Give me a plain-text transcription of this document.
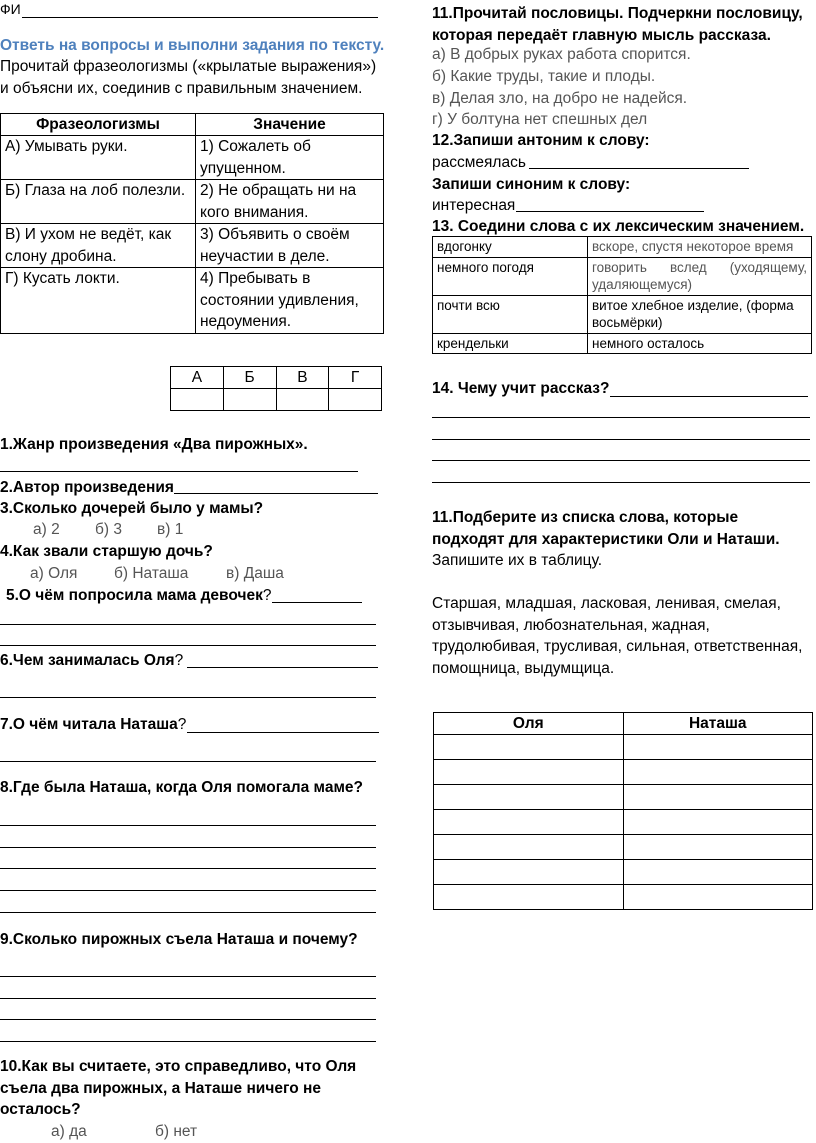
ФИ
Ответь на вопросы и выполни задания по тексту.
Прочитай фразеологизмы («крылатые выражения») и объясни их, соединив с правильным значением.
Фразеологизмы	Значение
А) Умывать руки.	1) Сожалеть об упущенном.
Б) Глаза на лоб полезли.	2) Не обращать ни на кого внимания.
В) И ухом не ведёт, как слону дробина.	3) Объявить о своём неучастии в деле.
Г) Кусать локти.	4) Пребывать в состоянии удивления, недоумения.
А	Б	В	Г

1.Жанр произведения «Два пирожных».
2.Автор произведения
3.Сколько дочерей было у мамы?
а) 2 б) 3 в) 1
4.Как звали старшую дочь?
а) Оля б) Наташа в) Даша
5.О чём попросила мама девочек?
6.Чем занималась Оля?
7.О чём читала Наташа?
8.Где была Наташа, когда Оля помогала маме?
9.Сколько пирожных съела Наташа и почему?
10.Как вы считаете, это справедливо, что Оля съела два пирожных, а Наташе ничего не осталось?
а) да	б) нет
11.Прочитай пословицы. Подчеркни пословицу, которая передаёт главную мысль рассказа.
а) В добрых руках работа спорится.
б) Какие труды, такие и плоды.
в) Делая зло, на добро не надейся.
г) У болтуна нет спешных дел
12.Запиши антоним к слову:
рассмеялась
Запиши синоним к слову:
интересная
13. Соедини слова с их лексическим значением.
вдогонку	вскоре, спустя некоторое время
немного погодя	говорить вслед (уходящему, удаляющемуся)
почти всю	витое хлебное изделие, (форма восьмёрки)
крендельки	немного осталось
14. Чему учит рассказ?
11.Подберите из списка слова, которые подходят для характеристики Оли и Наташи.
Запишите их в таблицу.
Старшая, младшая, ласковая, ленивая, смелая, отзывчивая, любознательная, жадная, трудолюбивая, трусливая, сильная, ответственная, помощница, выдумщица.
Оля	Наташа
